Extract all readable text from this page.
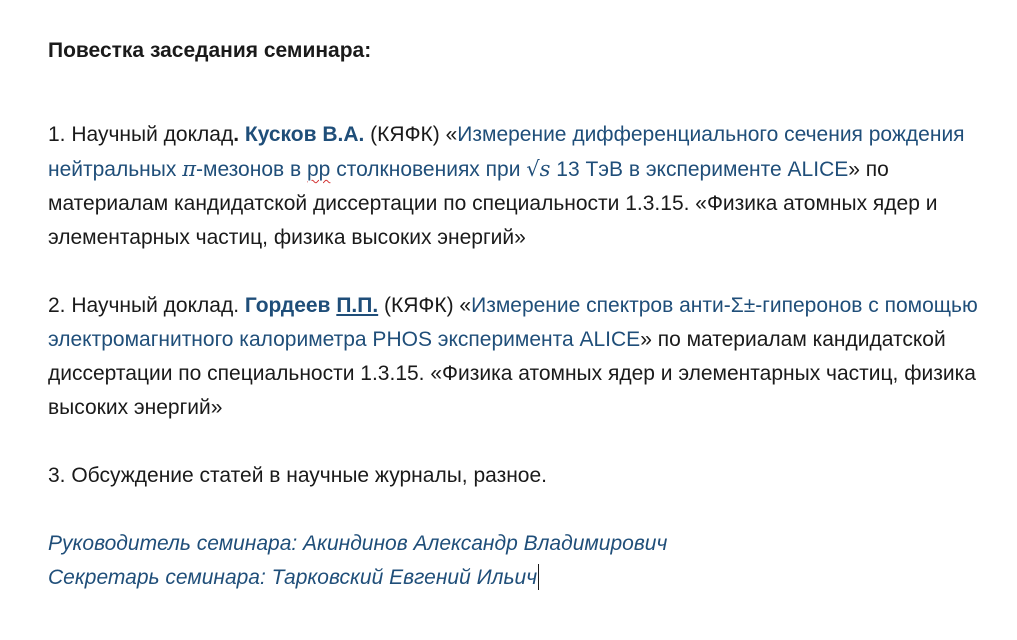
Повестка заседания семинара:

1. Научный доклад. Кусков В.А. (КЯФК) «Измерение дифференциального сечения рождения нейтральных π-мезонов в pp столкновениях при √s 13 ТэВ в эксперименте ALICE» по материалам кандидатской диссертации по специальности 1.3.15. «Физика атомных ядер и элементарных частиц, физика высоких энергий»

2. Научный доклад. Гордеев П.П. (КЯФК) «Измерение спектров анти-Σ±-гиперонов с помощью электромагнитного калориметра PHOS эксперимента ALICE» по материалам кандидатской диссертации по специальности 1.3.15. «Физика атомных ядер и элементарных частиц, физика высоких энергий»

3. Обсуждение статей в научные журналы, разное.

Руководитель семинара: Акиндинов Александр Владимирович

Секретарь семинара: Тарковский Евгений Ильич
